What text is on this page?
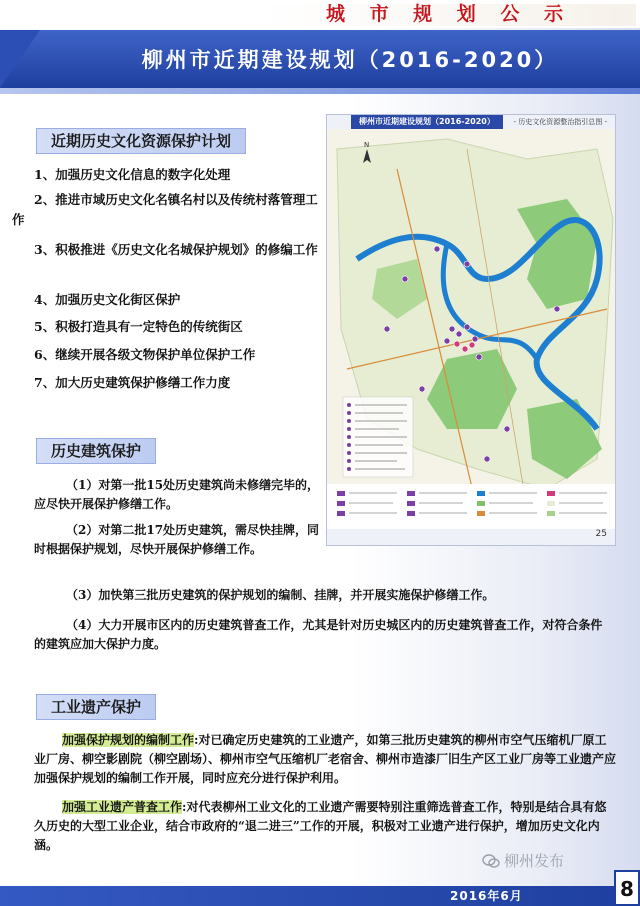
城 市 规 划 公 示
柳州市近期建设规划（2016-2020）
近期历史文化资源保护计划
1、加强历史文化信息的数字化处理
2、推进市域历史文化名镇名村以及传统村落管理工作
3、积极推进《历史文化名城保护规划》的修编工作
4、加强历史文化街区保护
5、积极打造具有一定特色的传统街区
6、继续开展各级文物保护单位保护工作
7、加大历史建筑保护修缮工作力度
历史建筑保护
（1）对第一批15处历史建筑尚未修缮完毕的，应尽快开展保护修缮工作。
（2）对第二批17处历史建筑，需尽快挂牌，同时根据保护规划，尽快开展保护修缮工作。
（3）加快第三批历史建筑的保护规划的编制、挂牌，并开展实施保护修缮工作。
（4）大力开展市区内的历史建筑普查工作，尤其是针对历史城区内的历史建筑普查工作，对符合条件的建筑应加大保护力度。
工业遗产保护
加强保护规划的编制工作:对已确定历史建筑的工业遗产，如第三批历史建筑的柳州市空气压缩机厂原工业厂房、柳空影剧院（柳空剧场）、柳州市空气压缩机厂老宿舍、柳州市造漆厂旧生产区工业厂房等工业遗产应加强保护规划的编制工作开展，同时应充分进行保护利用。
加强工业遗产普查工作:对代表柳州工业文化的工业遗产需要特别注重筛选普查工作，特别是结合具有悠久历史的大型工业企业，结合市政府的“退二进三”工作的开展，积极对工业遗产进行保护，增加历史文化内涵。
柳州市近期建设规划（2016-2020）	- 历史文化资源整治指引总图 -
N
25
柳州发布
2016年6月	8
